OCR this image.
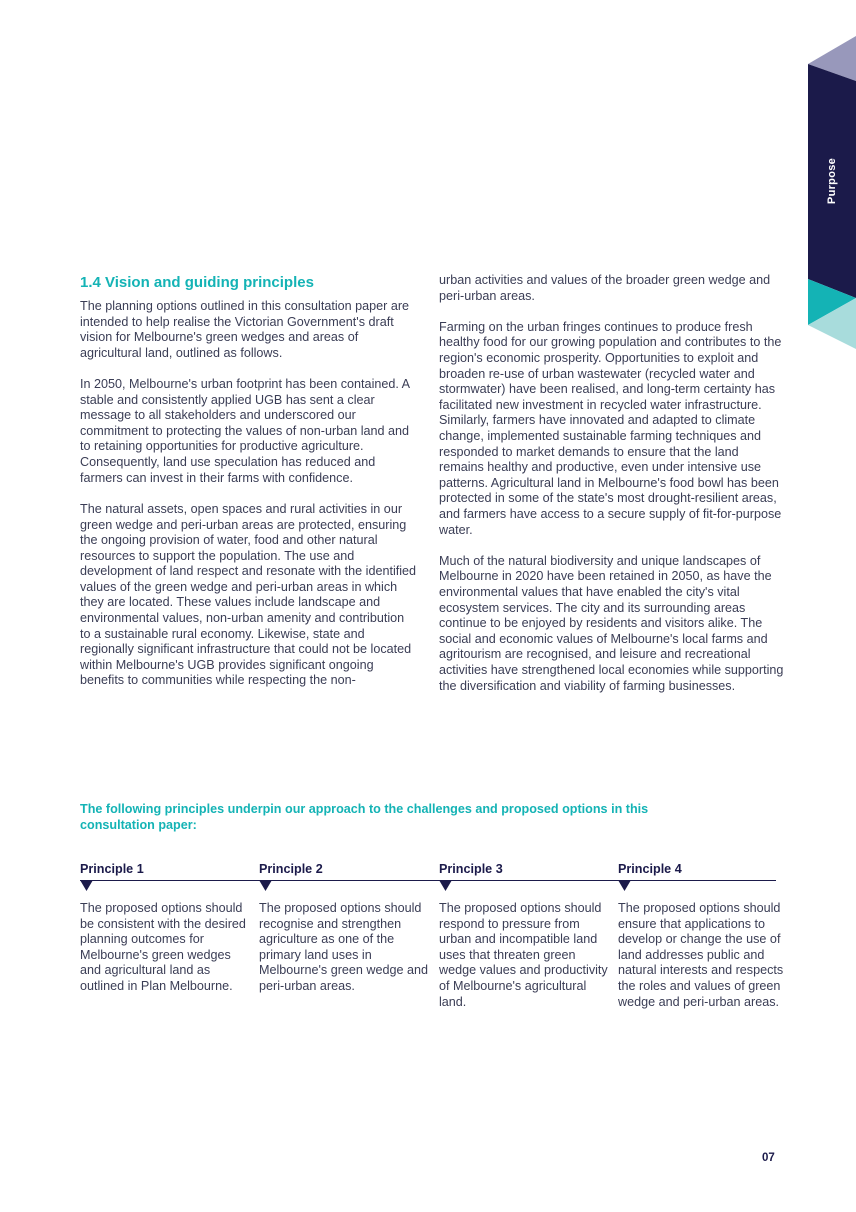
Purpose
1.4 Vision and guiding principles

The planning options outlined in this consultation paper are intended to help realise the Victorian Government's draft vision for Melbourne's green wedges and areas of agricultural land, outlined as follows.

In 2050, Melbourne's urban footprint has been contained. A stable and consistently applied UGB has sent a clear message to all stakeholders and underscored our commitment to protecting the values of non-urban land and to retaining opportunities for productive agriculture. Consequently, land use speculation has reduced and farmers can invest in their farms with confidence.

The natural assets, open spaces and rural activities in our green wedge and peri-urban areas are protected, ensuring the ongoing provision of water, food and other natural resources to support the population. The use and development of land respect and resonate with the identified values of the green wedge and peri-urban areas in which they are located. These values include landscape and environmental values, non-urban amenity and contribution to a sustainable rural economy. Likewise, state and regionally significant infrastructure that could not be located within Melbourne's UGB provides significant ongoing benefits to communities while respecting the non-

urban activities and values of the broader green wedge and peri-urban areas.

Farming on the urban fringes continues to produce fresh healthy food for our growing population and contributes to the region's economic prosperity. Opportunities to exploit and broaden re-use of urban wastewater (recycled water and stormwater) have been realised, and long-term certainty has facilitated new investment in recycled water infrastructure. Similarly, farmers have innovated and adapted to climate change, implemented sustainable farming techniques and responded to market demands to ensure that the land remains healthy and productive, even under intensive use patterns. Agricultural land in Melbourne's food bowl has been protected in some of the state's most drought-resilient areas, and farmers have access to a secure supply of fit-for-purpose water.

Much of the natural biodiversity and unique landscapes of Melbourne in 2020 have been retained in 2050, as have the environmental values that have enabled the city's vital ecosystem services. The city and its surrounding areas continue to be enjoyed by residents and visitors alike. The social and economic values of Melbourne's local farms and agritourism are recognised, and leisure and recreational activities have strengthened local economies while supporting the diversification and viability of farming businesses.

The following principles underpin our approach to the challenges and proposed options in this consultation paper:
Principle 1
The proposed options should be consistent with the desired planning outcomes for Melbourne's green wedges and agricultural land as outlined in Plan Melbourne.
Principle 2
The proposed options should recognise and strengthen agriculture as one of the primary land uses in Melbourne's green wedge and peri-urban areas.
Principle 3
The proposed options should respond to pressure from urban and incompatible land uses that threaten green wedge values and productivity of Melbourne's agricultural land.
Principle 4
The proposed options should ensure that applications to develop or change the use of land addresses public and natural interests and respects the roles and values of green wedge and peri-urban areas.
07
